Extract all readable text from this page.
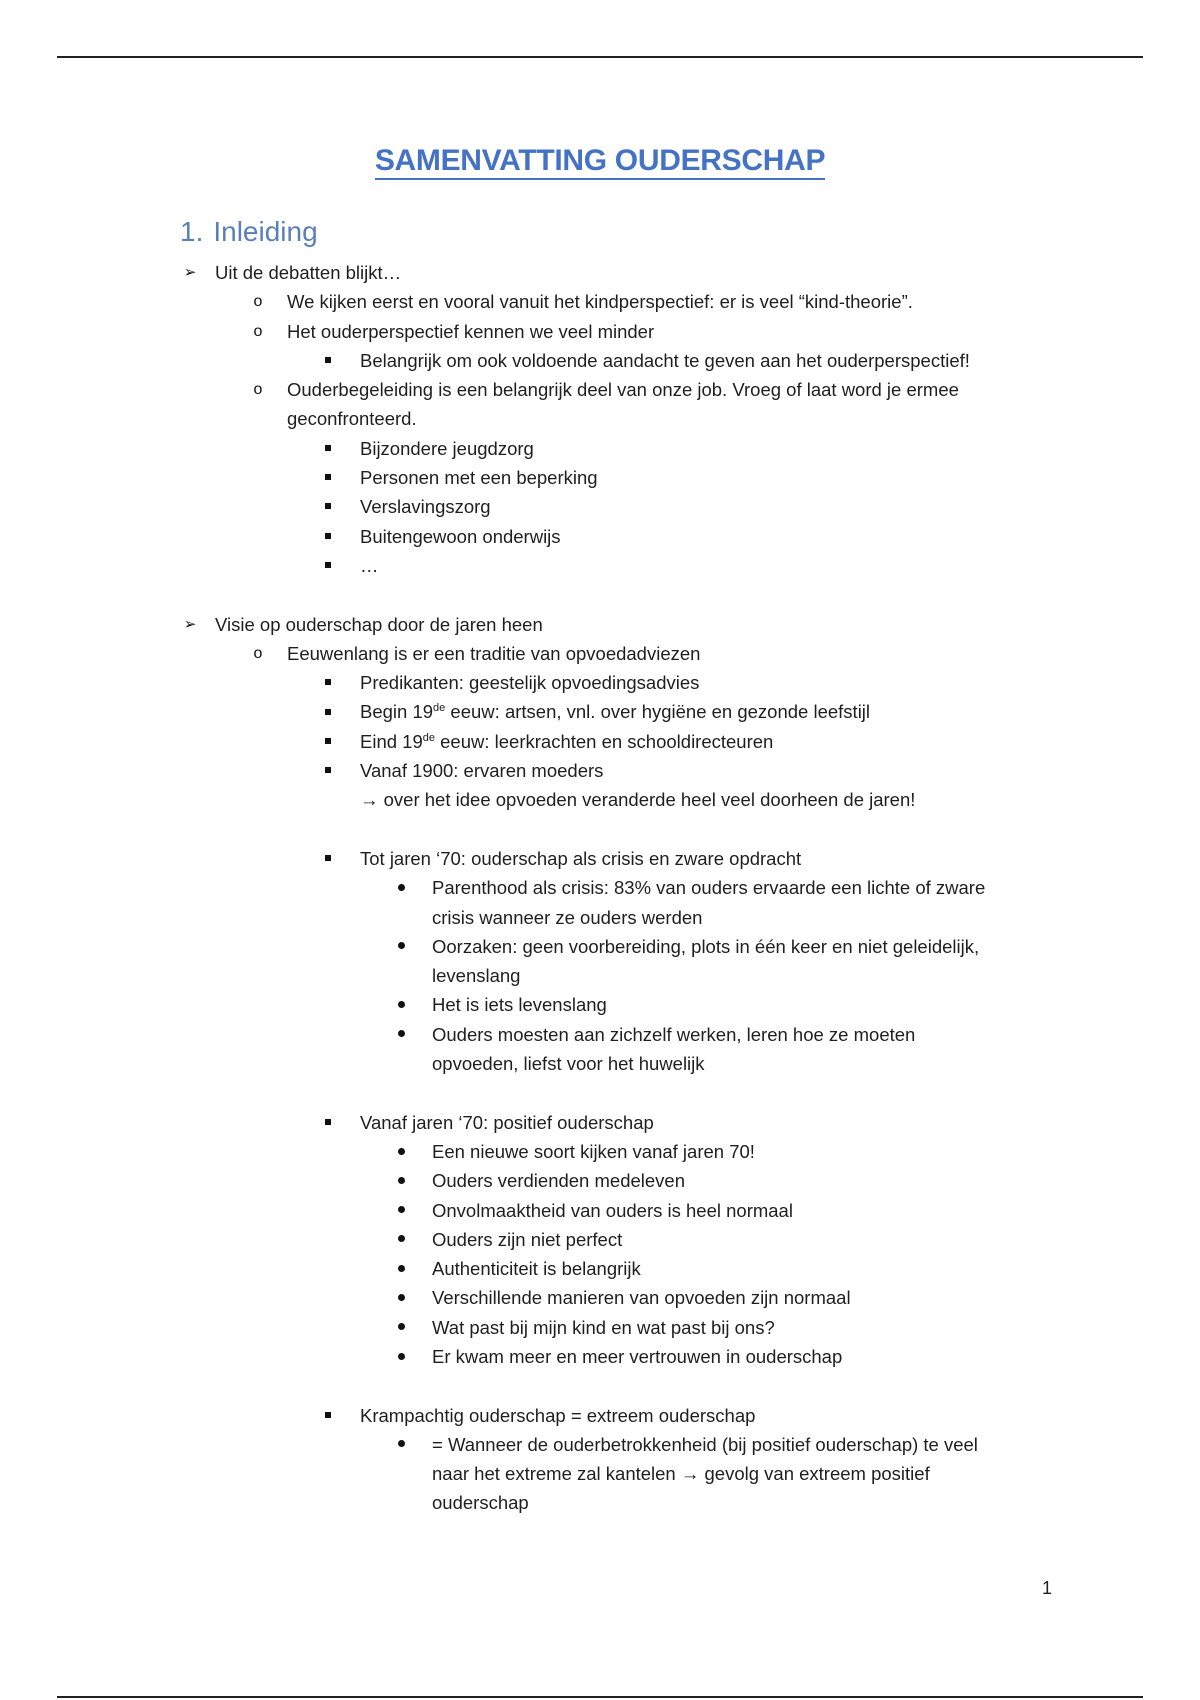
SAMENVATTING OUDERSCHAP
1. Inleiding
➢ Uit de debatten blijkt…
o We kijken eerst en vooral vanuit het kindperspectief: er is veel “kind-theorie”.
o Het ouderperspectief kennen we veel minder
Belangrijk om ook voldoende aandacht te geven aan het ouderperspectief!
o Ouderbegeleiding is een belangrijk deel van onze job. Vroeg of laat word je ermee
geconfronteerd.
Bijzondere jeugdzorg
Personen met een beperking
Verslavingszorg
Buitengewoon onderwijs
…
➢ Visie op ouderschap door de jaren heen
o Eeuwenlang is er een traditie van opvoedadviezen
Predikanten: geestelijk opvoedingsadvies
Begin 19de eeuw: artsen, vnl. over hygiëne en gezonde leefstijl
Eind 19de eeuw: leerkrachten en schooldirecteuren
Vanaf 1900: ervaren moeders
→ over het idee opvoeden veranderde heel veel doorheen de jaren!
Tot jaren ‘70: ouderschap als crisis en zware opdracht
Parenthood als crisis: 83% van ouders ervaarde een lichte of zware
crisis wanneer ze ouders werden
Oorzaken: geen voorbereiding, plots in één keer en niet geleidelijk,
levenslang
Het is iets levenslang
Ouders moesten aan zichzelf werken, leren hoe ze moeten
opvoeden, liefst voor het huwelijk
Vanaf jaren ‘70: positief ouderschap
Een nieuwe soort kijken vanaf jaren 70!
Ouders verdienden medeleven
Onvolmaaktheid van ouders is heel normaal
Ouders zijn niet perfect
Authenticiteit is belangrijk
Verschillende manieren van opvoeden zijn normaal
Wat past bij mijn kind en wat past bij ons?
Er kwam meer en meer vertrouwen in ouderschap
Krampachtig ouderschap = extreem ouderschap
= Wanneer de ouderbetrokkenheid (bij positief ouderschap) te veel
naar het extreme zal kantelen → gevolg van extreem positief
ouderschap
1
